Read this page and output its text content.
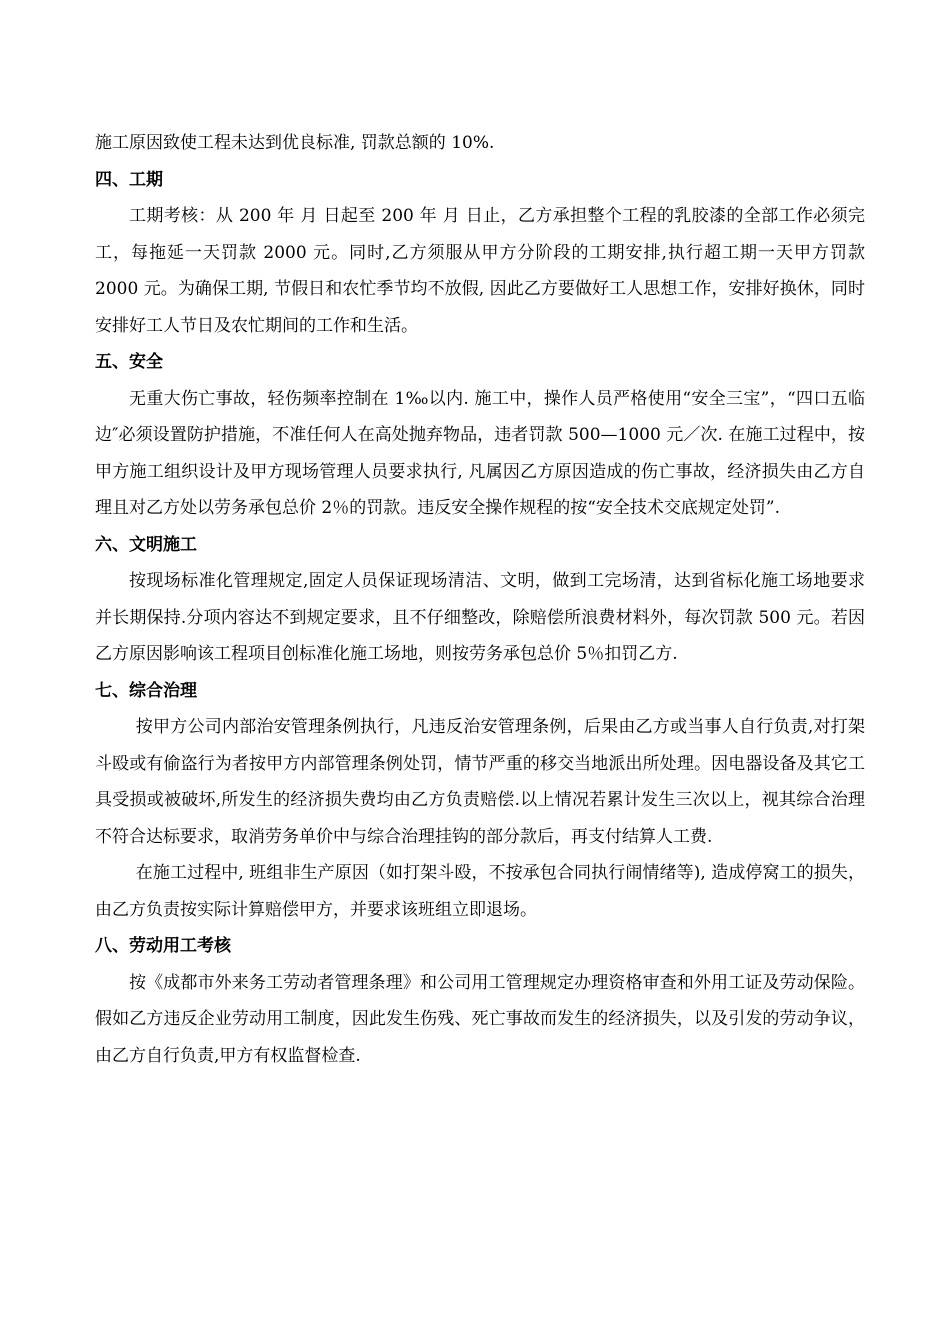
施工原因致使工程未达到优良标准, 罚款总额的 10%.

四、工期

工期考核：从 200 年 月 日起至 200 年 月 日止，乙方承担整个工程的乳胶漆的全部工作必须完工，每拖延一天罚款 2000 元。同时,乙方须服从甲方分阶段的工期安排,执行超工期一天甲方罚款 2000 元。为确保工期, 节假日和农忙季节均不放假, 因此乙方要做好工人思想工作，安排好换休，同时安排好工人节日及农忙期间的工作和生活。

五、安全

无重大伤亡事故，轻伤频率控制在 1‰以内. 施工中，操作人员严格使用“安全三宝”，“四口五临边″必须设置防护措施，不准任何人在高处抛弃物品，违者罚款 500—1000 元／次. 在施工过程中，按甲方施工组织设计及甲方现场管理人员要求执行, 凡属因乙方原因造成的伤亡事故，经济损失由乙方自理且对乙方处以劳务承包总价 2％的罚款。违反安全操作规程的按“安全技术交底规定处罚”.

六、文明施工

按现场标准化管理规定,固定人员保证现场清洁、文明，做到工完场清，达到省标化施工场地要求并长期保持.分项内容达不到规定要求，且不仔细整改，除赔偿所浪费材料外，每次罚款 500 元。若因乙方原因影响该工程项目创标准化施工场地，则按劳务承包总价 5％扣罚乙方.

七、综合治理

按甲方公司内部治安管理条例执行，凡违反治安管理条例，后果由乙方或当事人自行负责,对打架斗殴或有偷盗行为者按甲方内部管理条例处罚，情节严重的移交当地派出所处理。因电器设备及其它工具受损或被破坏,所发生的经济损失费均由乙方负责赔偿.以上情况若累计发生三次以上，视其综合治理不符合达标要求，取消劳务单价中与综合治理挂钩的部分款后，再支付结算人工费.

在施工过程中, 班组非生产原因（如打架斗殴，不按承包合同执行闹情绪等), 造成停窝工的损失，由乙方负责按实际计算赔偿甲方，并要求该班组立即退场。

八、劳动用工考核

按《成都市外来务工劳动者管理条理》和公司用工管理规定办理资格审查和外用工证及劳动保险。假如乙方违反企业劳动用工制度，因此发生伤残、死亡事故而发生的经济损失，以及引发的劳动争议，由乙方自行负责,甲方有权监督检查.
